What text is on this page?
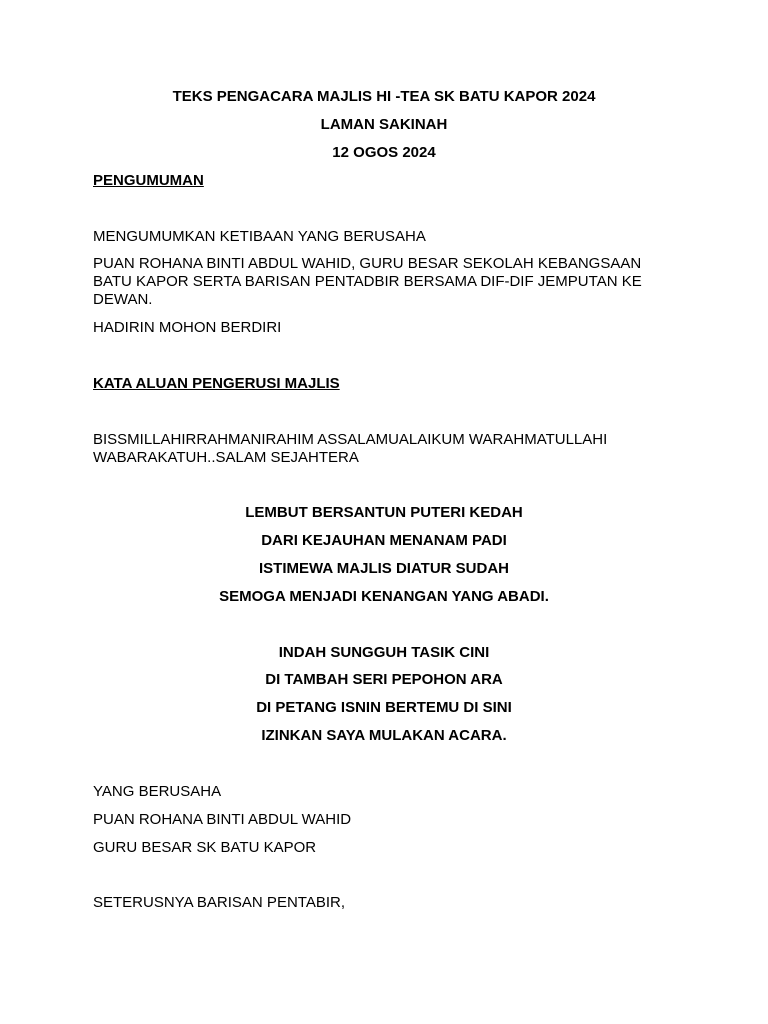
TEKS PENGACARA MAJLIS HI -TEA SK BATU KAPOR 2024
LAMAN SAKINAH
12 OGOS 2024
PENGUMUMAN
MENGUMUMKAN KETIBAAN YANG BERUSAHA
PUAN ROHANA BINTI ABDUL WAHID, GURU BESAR SEKOLAH KEBANGSAAN
BATU KAPOR SERTA BARISAN PENTADBIR BERSAMA DIF-DIF JEMPUTAN KE
DEWAN.
HADIRIN MOHON BERDIRI
KATA ALUAN PENGERUSI MAJLIS
BISSMILLAHIRRAHMANIRAHIM ASSALAMUALAIKUM WARAHMATULLAHI
WABARAKATUH..SALAM SEJAHTERA
LEMBUT BERSANTUN PUTERI KEDAH
DARI KEJAUHAN MENANAM PADI
ISTIMEWA MAJLIS DIATUR SUDAH
SEMOGA MENJADI KENANGAN YANG ABADI.
INDAH SUNGGUH TASIK CINI
DI TAMBAH SERI PEPOHON ARA
DI PETANG ISNIN BERTEMU DI SINI
IZINKAN SAYA MULAKAN ACARA.
YANG BERUSAHA
PUAN ROHANA BINTI ABDUL WAHID
GURU BESAR SK BATU KAPOR
SETERUSNYA BARISAN PENTABIR,
